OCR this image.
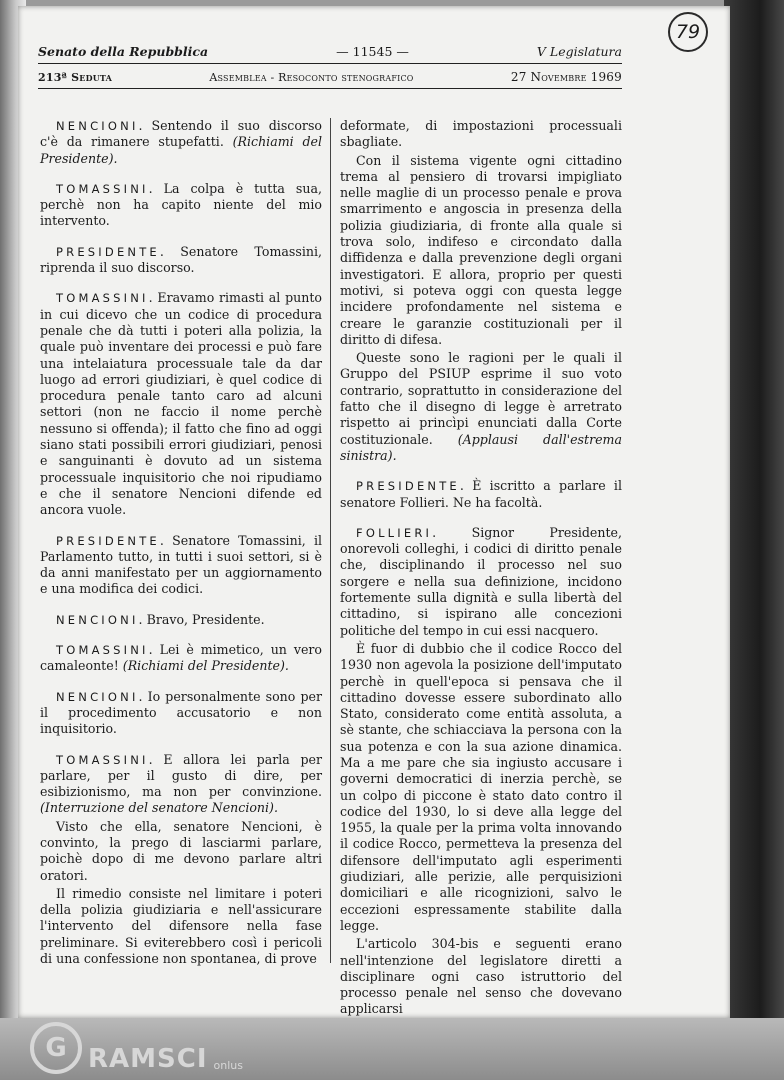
79
Senato della Repubblica	— 11545 —	V Legislatura
213ª Seduta	Assemblea - Resoconto stenografico	27 Novembre 1969

NENCIONI. Sentendo il suo discorso c'è da rimanere stupefatti. (Richiami del Presidente).

TOMASSINI. La colpa è tutta sua, perchè non ha capito niente del mio intervento.

PRESIDENTE. Senatore Tomassini, riprenda il suo discorso.

TOMASSINI. Eravamo rimasti al punto in cui dicevo che un codice di procedura penale che dà tutti i poteri alla polizia, la quale può inventare dei processi e può fare una intelaiatura processuale tale da dar luogo ad errori giudiziari, è quel codice di procedura penale tanto caro ad alcuni settori (non ne faccio il nome perchè nessuno si offenda); il fatto che fino ad oggi siano stati possibili errori giudiziari, penosi e sanguinanti è dovuto ad un sistema processuale inquisitorio che noi ripudiamo e che il senatore Nencioni difende ed ancora vuole.

PRESIDENTE. Senatore Tomassini, il Parlamento tutto, in tutti i suoi settori, si è da anni manifestato per un aggiornamento e una modifica dei codici.

NENCIONI. Bravo, Presidente.

TOMASSINI. Lei è mimetico, un vero camaleonte! (Richiami del Presidente).

NENCIONI. Io personalmente sono per il procedimento accusatorio e non inquisitorio.

TOMASSINI. E allora lei parla per parlare, per il gusto di dire, per esibizionismo, ma non per convinzione. (Interruzione del senatore Nencioni).

Visto che ella, senatore Nencioni, è convinto, la prego di lasciarmi parlare, poichè dopo di me devono parlare altri oratori.

Il rimedio consiste nel limitare i poteri della polizia giudiziaria e nell'assicurare l'intervento del difensore nella fase preliminare. Si eviterebbero così i pericoli di una confessione non spontanea, di prove

deformate, di impostazioni processuali sbagliate.

Con il sistema vigente ogni cittadino trema al pensiero di trovarsi impigliato nelle maglie di un processo penale e prova smarrimento e angoscia in presenza della polizia giudiziaria, di fronte alla quale si trova solo, indifeso e circondato dalla diffidenza e dalla prevenzione degli organi investigatori. E allora, proprio per questi motivi, si poteva oggi con questa legge incidere profondamente nel sistema e creare le garanzie costituzionali per il diritto di difesa.

Queste sono le ragioni per le quali il Gruppo del PSIUP esprime il suo voto contrario, soprattutto in considerazione del fatto che il disegno di legge è arretrato rispetto ai princìpi enunciati dalla Corte costituzionale. (Applausi dall'estrema sinistra).

PRESIDENTE. È iscritto a parlare il senatore Follieri. Ne ha facoltà.

FOLLIERI. Signor Presidente, onorevoli colleghi, i codici di diritto penale che, disciplinando il processo nel suo sorgere e nella sua definizione, incidono fortemente sulla dignità e sulla libertà del cittadino, si ispirano alle concezioni politiche del tempo in cui essi nacquero.

È fuor di dubbio che il codice Rocco del 1930 non agevola la posizione dell'imputato perchè in quell'epoca si pensava che il cittadino dovesse essere subordinato allo Stato, considerato come entità assoluta, a sè stante, che schiacciava la persona con la sua potenza e con la sua azione dinamica. Ma a me pare che sia ingiusto accusare i governi democratici di inerzia perchè, se un colpo di piccone è stato dato contro il codice del 1930, lo si deve alla legge del 1955, la quale per la prima volta innovando il codice Rocco, permetteva la presenza del difensore dell'imputato agli esperimenti giudiziari, alle perizie, alle perquisizioni domiciliari e alle ricognizioni, salvo le eccezioni espressamente stabilite dalla legge.

L'articolo 304-bis e seguenti erano nell'intenzione del legislatore diretti a disciplinare ogni caso istruttorio del processo penale nel senso che dovevano applicarsi

G RAMSCI onlus
